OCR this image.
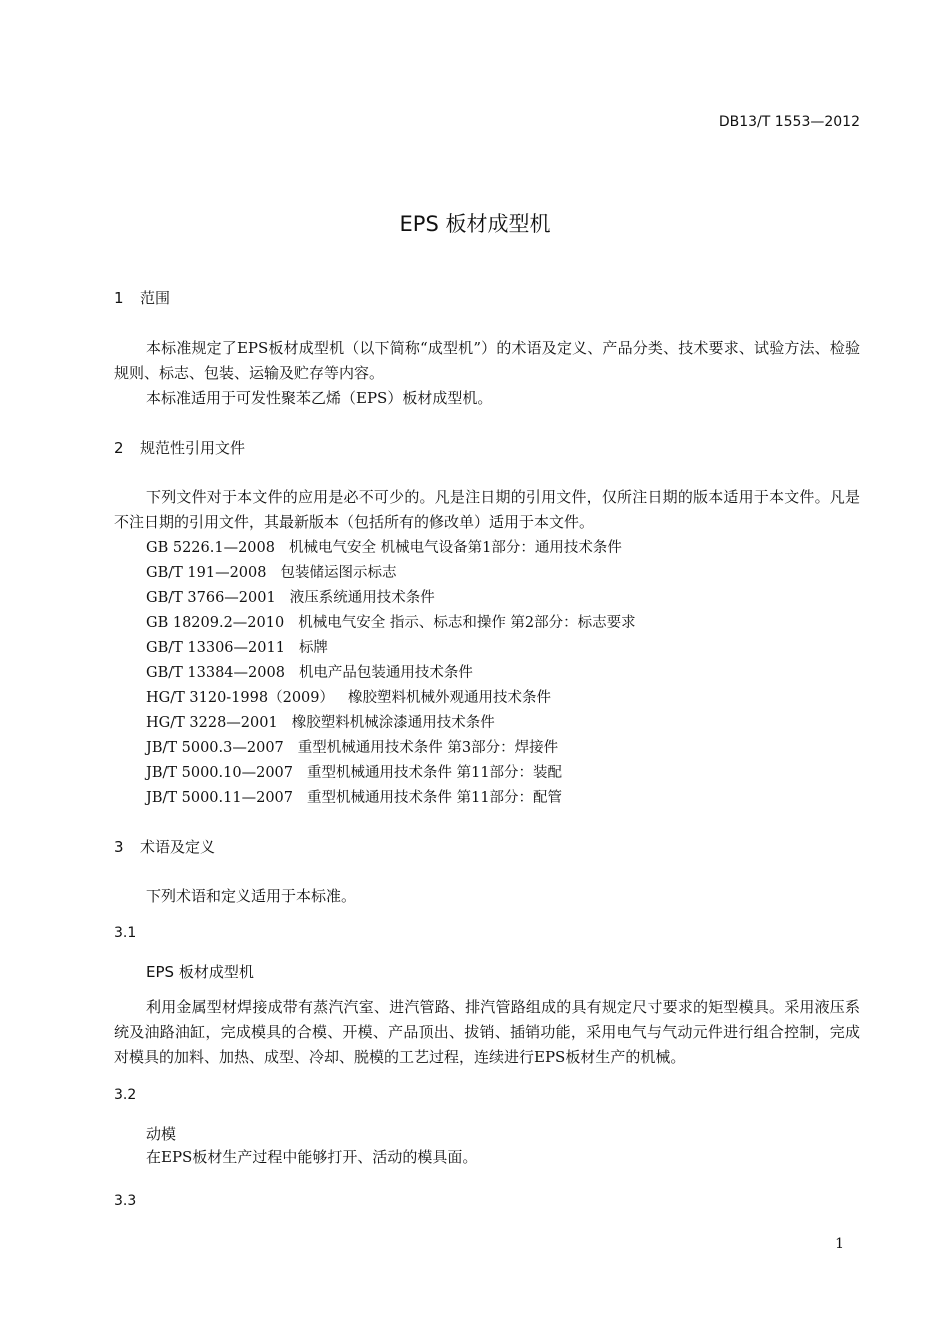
DB13/T 1553—2012
EPS 板材成型机
1 范围
本标准规定了EPS板材成型机（以下简称“成型机”）的术语及定义、产品分类、技术要求、试验方法、检验规则、标志、包装、运输及贮存等内容。
本标准适用于可发性聚苯乙烯（EPS）板材成型机。
2 规范性引用文件
下列文件对于本文件的应用是必不可少的。凡是注日期的引用文件，仅所注日期的版本适用于本文件。凡是不注日期的引用文件，其最新版本（包括所有的修改单）适用于本文件。
GB 5226.1—2008 机械电气安全 机械电气设备第1部分：通用技术条件
GB/T 191—2008 包装储运图示标志
GB/T 3766—2001 液压系统通用技术条件
GB 18209.2—2010 机械电气安全 指示、标志和操作 第2部分：标志要求
GB/T 13306—2011 标牌
GB/T 13384—2008 机电产品包装通用技术条件
HG/T 3120-1998（2009） 橡胶塑料机械外观通用技术条件
HG/T 3228—2001 橡胶塑料机械涂漆通用技术条件
JB/T 5000.3—2007 重型机械通用技术条件 第3部分：焊接件
JB/T 5000.10—2007 重型机械通用技术条件 第11部分：装配
JB/T 5000.11—2007 重型机械通用技术条件 第11部分：配管
3 术语及定义
下列术语和定义适用于本标准。
3.1
EPS 板材成型机
利用金属型材焊接成带有蒸汽汽室、进汽管路、排汽管路组成的具有规定尺寸要求的矩型模具。采用液压系统及油路油缸，完成模具的合模、开模、产品顶出、拔销、插销功能，采用电气与气动元件进行组合控制，完成对模具的加料、加热、成型、冷却、脱模的工艺过程，连续进行EPS板材生产的机械。
3.2
动模
在EPS板材生产过程中能够打开、活动的模具面。
3.3
1
